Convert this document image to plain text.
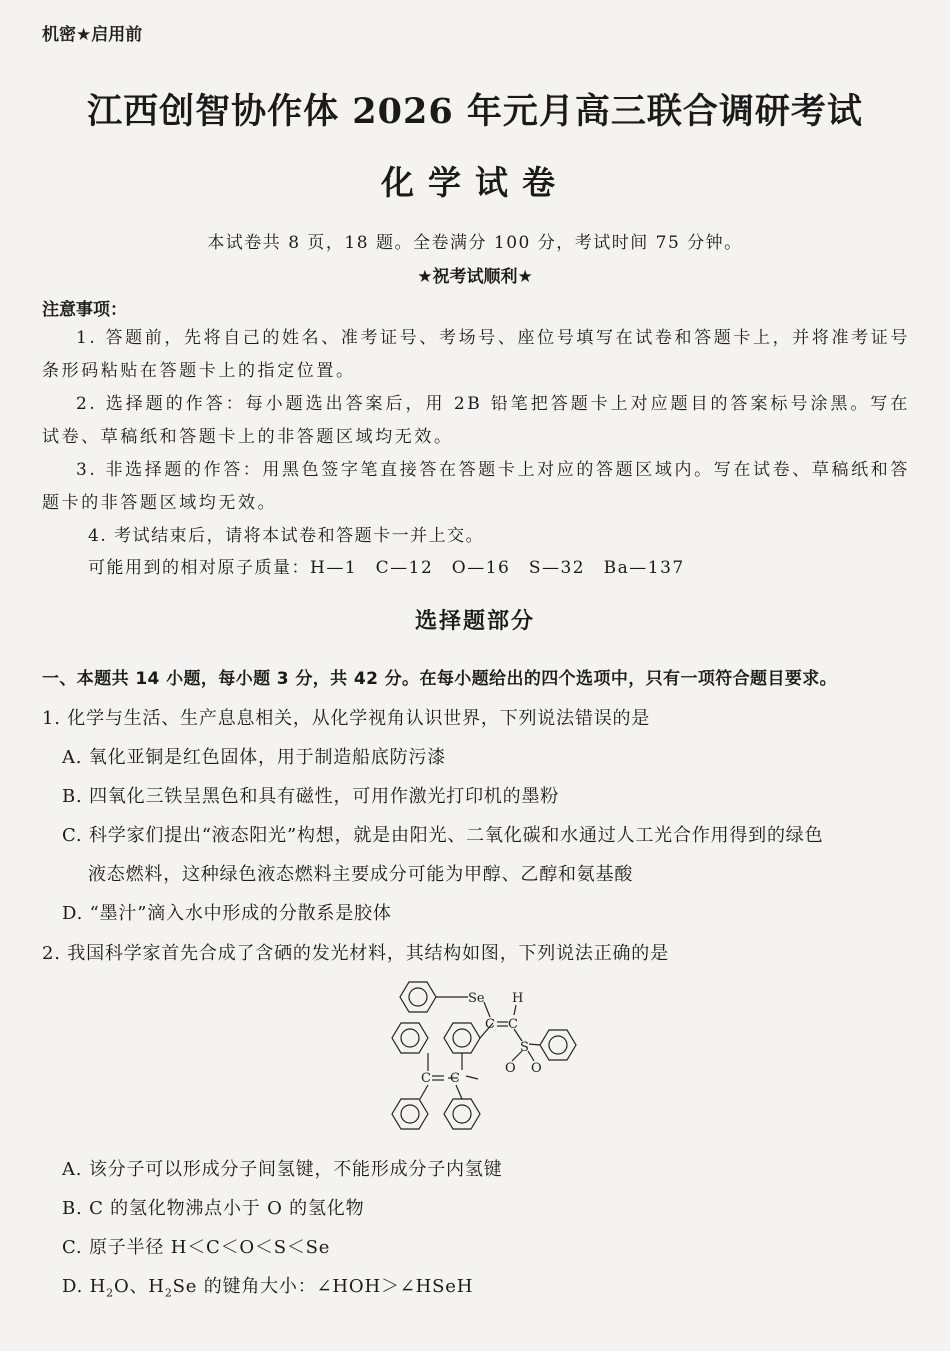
机密★启用前
江西创智协作体 2026 年元月高三联合调研考试
化学试卷
本试卷共 8 页，18 题。全卷满分 100 分，考试时间 75 分钟。
★祝考试顺利★
注意事项：
1. 答题前，先将自己的姓名、准考证号、考场号、座位号填写在试卷和答题卡上，并将准考证号条形码粘贴在答题卡上的指定位置。
2. 选择题的作答：每小题选出答案后，用 2B 铅笔把答题卡上对应题目的答案标号涂黑。写在试卷、草稿纸和答题卡上的非答题区域均无效。
3. 非选择题的作答：用黑色签字笔直接答在答题卡上对应的答题区域内。写在试卷、草稿纸和答题卡的非答题区域均无效。
4. 考试结束后，请将本试卷和答题卡一并上交。
可能用到的相对原子质量：H—1　C—12　O—16　S—32　Ba—137
选择题部分
一、本题共 14 小题，每小题 3 分，共 42 分。在每小题给出的四个选项中，只有一项符合题目要求。
1. 化学与生活、生产息息相关，从化学视角认识世界，下列说法错误的是
A. 氧化亚铜是红色固体，用于制造船底防污漆
B. 四氧化三铁呈黑色和具有磁性，可用作激光打印机的墨粉
C. 科学家们提出“液态阳光”构想，就是由阳光、二氧化碳和水通过人工光合作用得到的绿色
液态燃料，这种绿色液态燃料主要成分可能为甲醇、乙醇和氨基酸
D. “墨汁”滴入水中形成的分散系是胶体
2. 我国科学家首先合成了含硒的发光材料，其结构如图，下列说法正确的是
Se H
C C
S
O O
C C
A. 该分子可以形成分子间氢键，不能形成分子内氢键
B. C 的氢化物沸点小于 O 的氢化物
C. 原子半径 H＜C＜O＜S＜Se
D. $H_2O$、$H_2Se$ 的键角大小：∠HOH＞∠HSeH
